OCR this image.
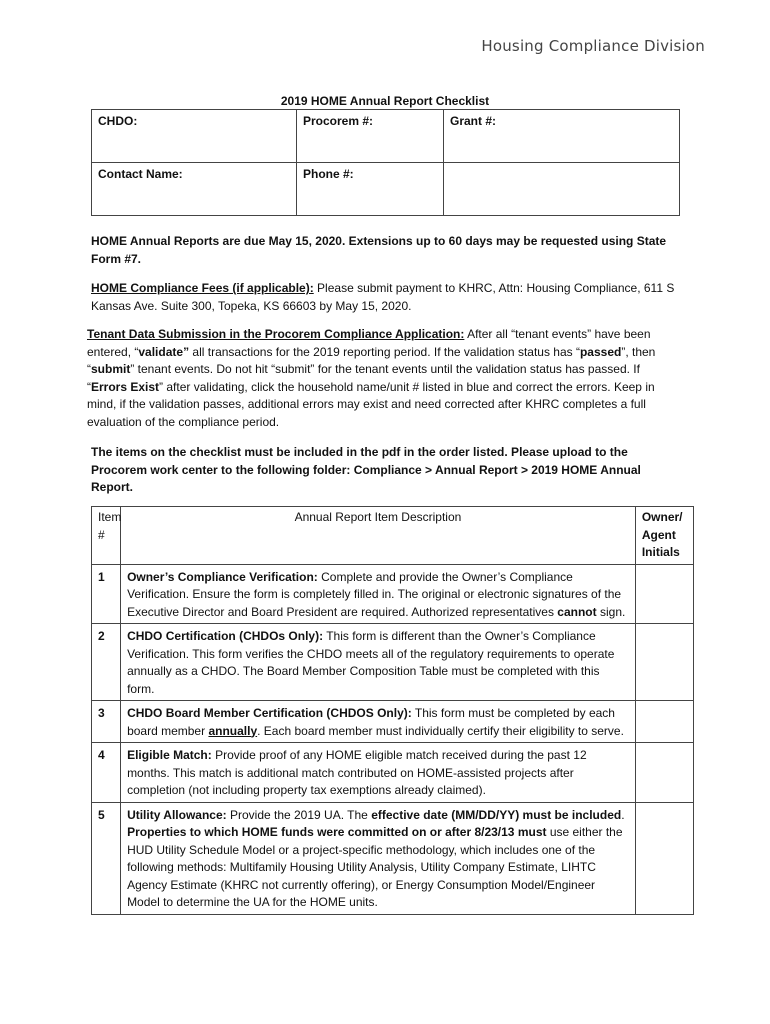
Housing Compliance Division
2019 HOME Annual Report Checklist
CHDO:	Procorem #:	Grant #:
Contact Name:	Phone #:	
HOME Annual Reports are due May 15, 2020. Extensions up to 60 days may be requested using State Form #7.
HOME Compliance Fees (if applicable): Please submit payment to KHRC, Attn: Housing Compliance, 611 S Kansas Ave. Suite 300, Topeka, KS 66603 by May 15, 2020.
Tenant Data Submission in the Procorem Compliance Application: After all “tenant events” have been entered, “validate” all transactions for the 2019 reporting period. If the validation status has “passed”, then “submit” tenant events. Do not hit “submit” for the tenant events until the validation status has passed. If “Errors Exist” after validating, click the household name/unit # listed in blue and correct the errors. Keep in mind, if the validation passes, additional errors may exist and need corrected after KHRC completes a full evaluation of the compliance period.
The items on the checklist must be included in the pdf in the order listed. Please upload to the Procorem work center to the following folder: Compliance > Annual Report > 2019 HOME Annual Report.
Item #	Annual Report Item Description	Owner/ Agent Initials
1	Owner’s Compliance Verification: Complete and provide the Owner’s Compliance Verification. Ensure the form is completely filled in. The original or electronic signatures of the Executive Director and Board President are required. Authorized representatives cannot sign.	
2	CHDO Certification (CHDOs Only): This form is different than the Owner’s Compliance Verification. This form verifies the CHDO meets all of the regulatory requirements to operate annually as a CHDO. The Board Member Composition Table must be completed with this form.	
3	CHDO Board Member Certification (CHDOS Only): This form must be completed by each board member annually. Each board member must individually certify their eligibility to serve.	
4	Eligible Match: Provide proof of any HOME eligible match received during the past 12 months. This match is additional match contributed on HOME-assisted projects after completion (not including property tax exemptions already claimed).	
5	Utility Allowance: Provide the 2019 UA. The effective date (MM/DD/YY) must be included. Properties to which HOME funds were committed on or after 8/23/13 must use either the HUD Utility Schedule Model or a project-specific methodology, which includes one of the following methods: Multifamily Housing Utility Analysis, Utility Company Estimate, LIHTC Agency Estimate (KHRC not currently offering), or Energy Consumption Model/Engineer Model to determine the UA for the HOME units.	
